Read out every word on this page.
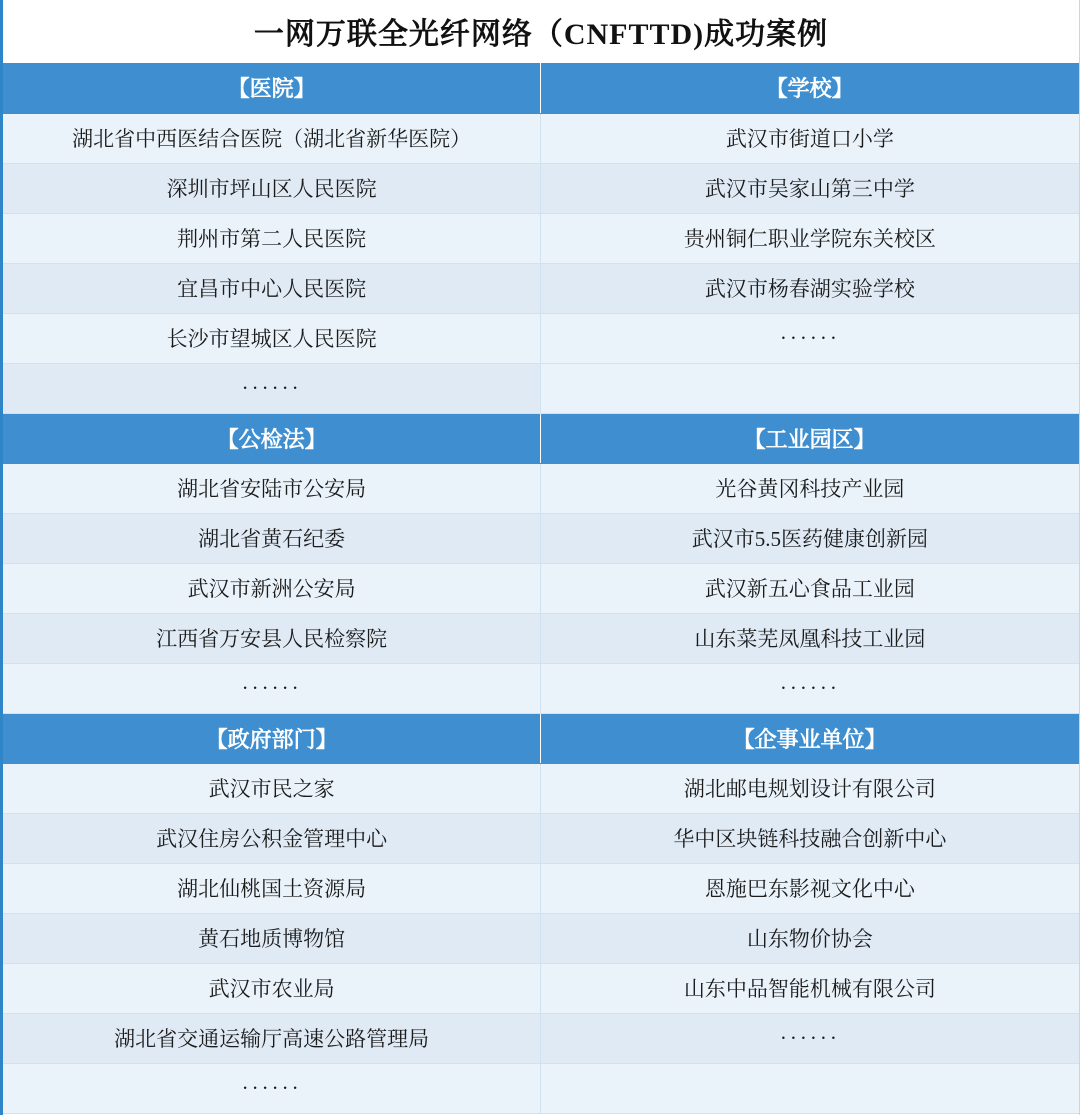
一网万联全光纤网络（CNFTTD)成功案例
【医院】	【学校】
湖北省中西医结合医院（湖北省新华医院）	武汉市街道口小学
深圳市坪山区人民医院	武汉市吴家山第三中学
荆州市第二人民医院	贵州铜仁职业学院东关校区
宜昌市中心人民医院	武汉市杨春湖实验学校
长沙市望城区人民医院	······
······	
【公检法】	【工业园区】
湖北省安陆市公安局	光谷黄冈科技产业园
湖北省黄石纪委	武汉市5.5医药健康创新园
武汉市新洲公安局	武汉新五心食品工业园
江西省万安县人民检察院	山东菜芜凤凰科技工业园
······	······
【政府部门】	【企事业单位】
武汉市民之家	湖北邮电规划设计有限公司
武汉住房公积金管理中心	华中区块链科技融合创新中心
湖北仙桃国土资源局	恩施巴东影视文化中心
黄石地质博物馆	山东物价协会
武汉市农业局	山东中品智能机械有限公司
湖北省交通运输厅高速公路管理局	······
······	
